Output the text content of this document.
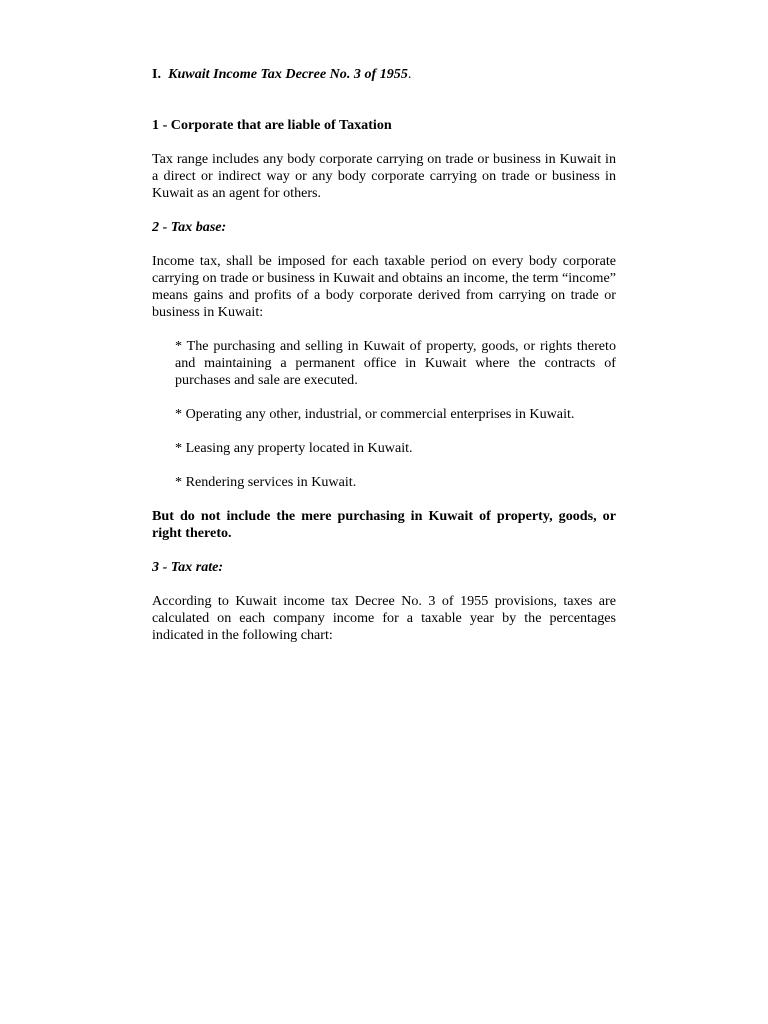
I. Kuwait Income Tax Decree No. 3 of 1955.

1 - Corporate that are liable of Taxation

Tax range includes any body corporate carrying on trade or business in Kuwait in a direct or indirect way or any body corporate carrying on trade or business in Kuwait as an agent for others.

2 - Tax base:

Income tax, shall be imposed for each taxable period on every body corporate carrying on trade or business in Kuwait and obtains an income, the term “income” means gains and profits of a body corporate derived from carrying on trade or business in Kuwait:

* The purchasing and selling in Kuwait of property, goods, or rights thereto and maintaining a permanent office in Kuwait where the contracts of purchases and sale are executed.

* Operating any other, industrial, or commercial enterprises in Kuwait.

* Leasing any property located in Kuwait.

* Rendering services in Kuwait.

But do not include the mere purchasing in Kuwait of property, goods, or right thereto.

3 - Tax rate:

According to Kuwait income tax Decree No. 3 of 1955 provisions, taxes are calculated on each company income for a taxable year by the percentages indicated in the following chart:
